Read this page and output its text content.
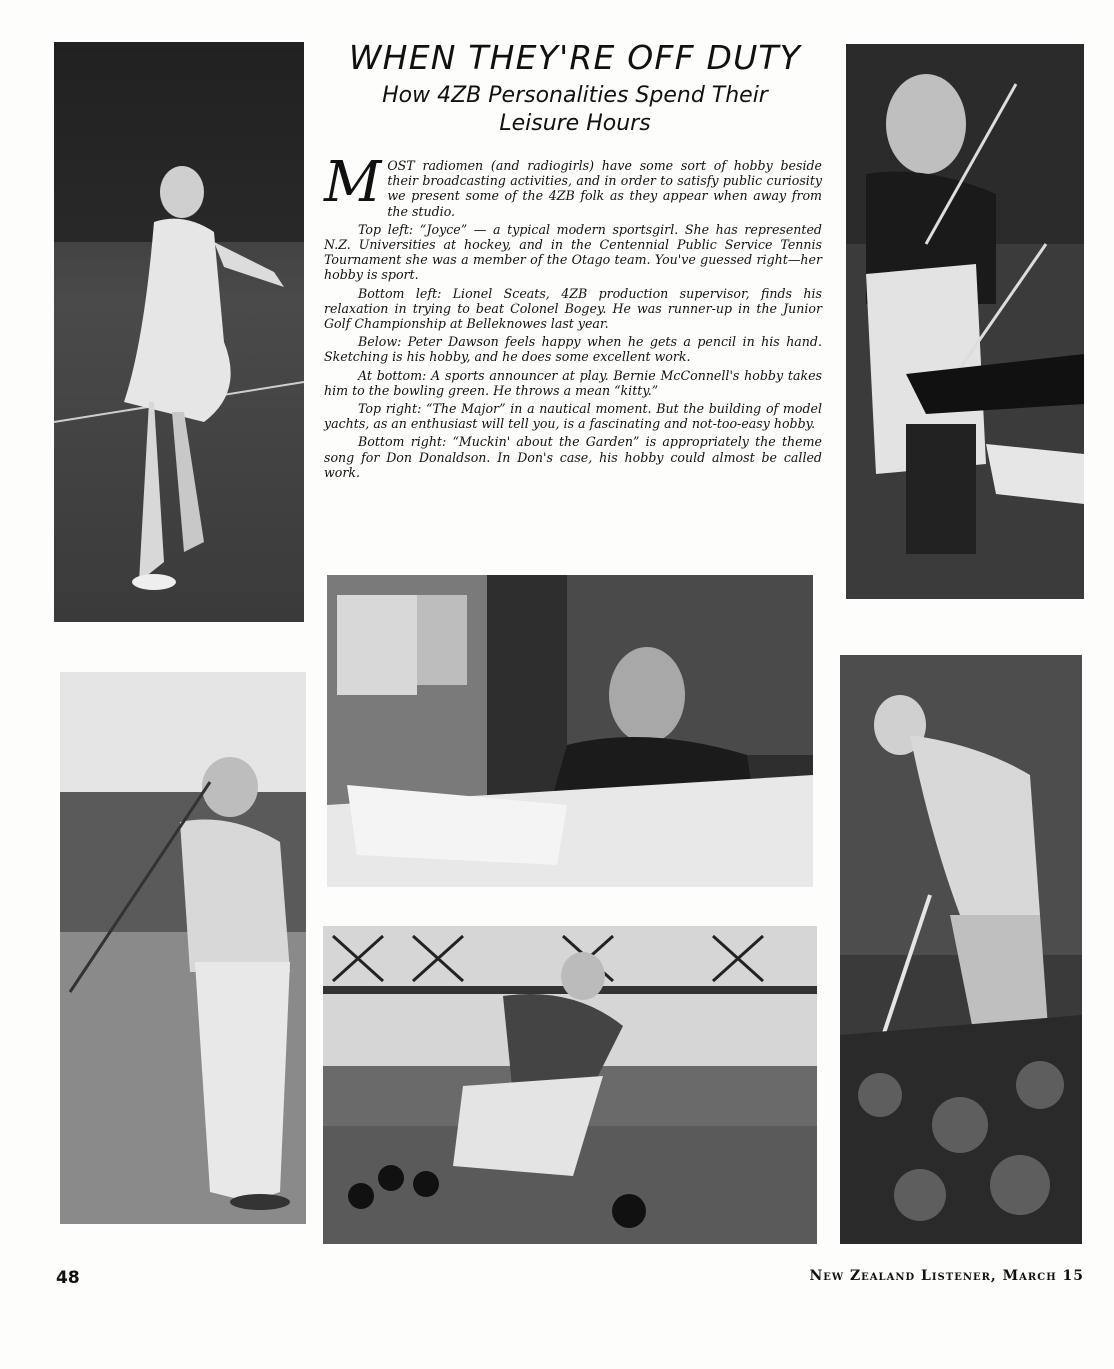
WHEN THEY'RE OFF DUTY
How 4ZB Personalities Spend Their Leisure Hours

MOST radiomen (and radiogirls) have some sort of hobby beside their broadcasting activities, and in order to satisfy public curiosity we present some of the 4ZB folk as they appear when away from the studio.

Top left: “Joyce” — a typical modern sportsgirl. She has represented N.Z. Universities at hockey, and in the Centennial Public Service Tennis Tournament she was a member of the Otago team. You've guessed right—her hobby is sport.

Bottom left: Lionel Sceats, 4ZB production supervisor, finds his relaxation in trying to beat Colonel Bogey. He was runner-up in the Junior Golf Championship at Belleknowes last year.

Below: Peter Dawson feels happy when he gets a pencil in his hand. Sketching is his hobby, and he does some excellent work.

At bottom: A sports announcer at play. Bernie McConnell's hobby takes him to the bowling green. He throws a mean “kitty.”

Top right: “The Major” in a nautical moment. But the building of model yachts, as an enthusiast will tell you, is a fascinating and not-too-easy hobby.

Bottom right: “Muckin' about the Garden” is appropriately the theme song for Don Donaldson. In Don's case, his hobby could almost be called work.

48	New Zealand Listener, March 15
